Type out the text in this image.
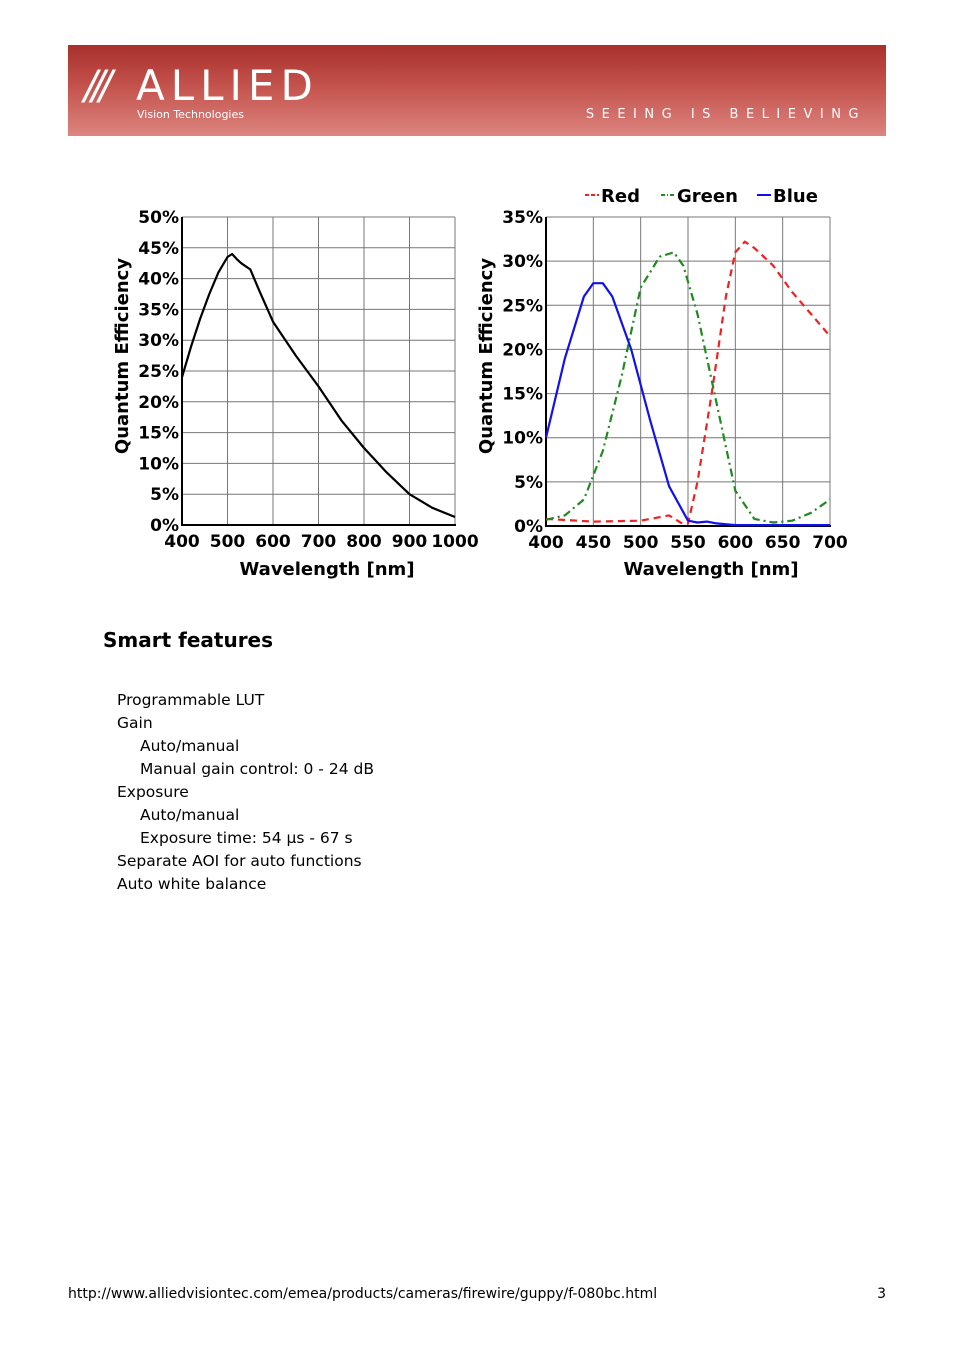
/// ALLIED
Vision Technologies	SEEING IS BELIEVING
400 500 600 700 800 900 1000
0%
5%
10%
15%
20%
25%
30%
35%
40%
45%
50%
Wavelength [nm]
Quantum Efficiency
400 450 500 550 600 650 700
0%
5%
10%
15%
20%
25%
30%
35%
Wavelength [nm]
Quantum Efficiency
Red Green Blue
Smart features
Programmable LUT
Gain
Auto/manual
Manual gain control: 0 - 24 dB
Exposure
Auto/manual
Exposure time: 54 µs - 67 s
Separate AOI for auto functions
Auto white balance
http://www.alliedvisiontec.com/emea/products/cameras/firewire/guppy/f-080bc.html	3
